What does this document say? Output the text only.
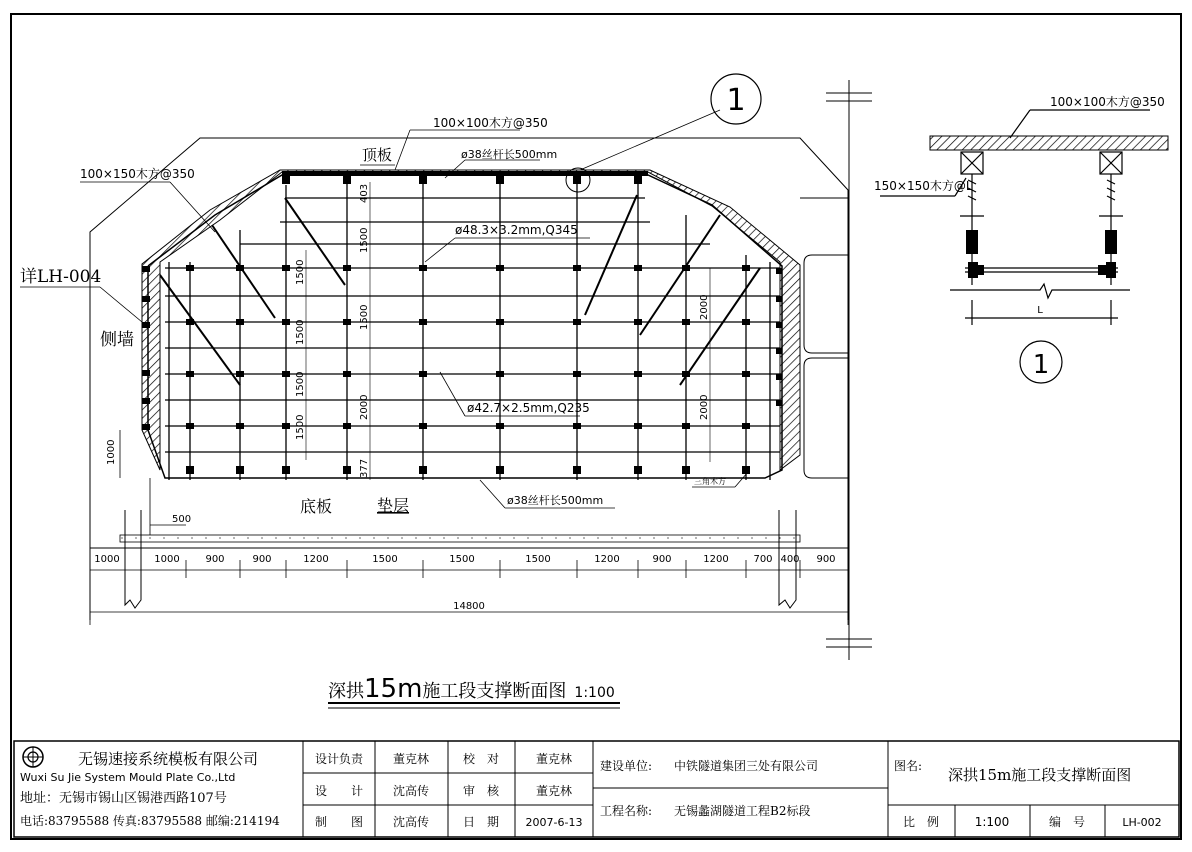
100×100木方@350
100×150木方@350
顶板	ø38丝杆长500mm
详LH-004
侧墙
ø48.3×3.2mm,Q345
ø42.7×2.5mm,Q235
底板	垫层	ø38丝杆长500mm
三角木方
1
500
1000
14800
1500
1500
1500
1500
403
1500
1500
2000
377
2000
2000
1000	1000	900	900	1200	1500	1500	1500	1200	900	1200 700 400 900
100×100木方@350
150×150木方@L
L
1
深拱15m施工段支撑断面图 1:100
无锡速接系统模板有限公司
Wuxi Su Jie System Mould Plate Co.,Ltd
地址：无锡市锡山区锡港西路107号
电话:83795588 传真:83795588 邮编:214194
设计负责 董克林	校　对	董克林
设　　计 沈高传	审　核	董克林
制　　图 沈高传	日　期 2007-6-13
建设单位: 中铁隧道集团三处有限公司
工程名称: 无锡蠡湖隧道工程B2标段
图名: 深拱15m施工段支撑断面图
比　例	1:100	编　号	LH-002
